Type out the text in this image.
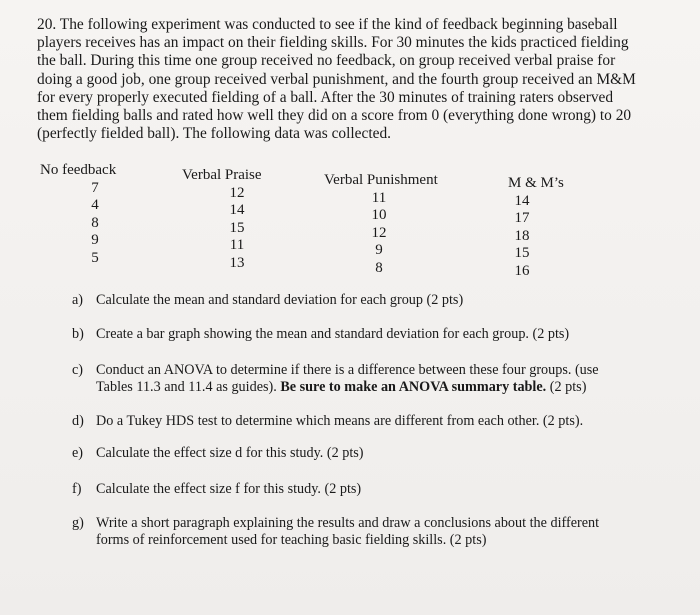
20. The following experiment was conducted to see if the kind of feedback beginning baseball
players receives has an impact on their fielding skills. For 30 minutes the kids practiced fielding
the ball. During this time one group received no feedback, on group received verbal praise for
doing a good job, one group received verbal punishment, and the fourth group received an M&M
for every properly executed fielding of a ball. After the 30 minutes of training raters observed
them fielding balls and rated how well they did on a score from 0 (everything done wrong) to 20
(perfectly fielded ball). The following data was collected.
No feedback
7
4
8
9
5
Verbal Praise
12
14
15
11
13
Verbal Punishment
11
10
12
9
8
M & M’s
14
17
18
15
16
a) Calculate the mean and standard deviation for each group (2 pts)
b) Create a bar graph showing the mean and standard deviation for each group. (2 pts)
c) Conduct an ANOVA to determine if there is a difference between these four groups. (use
Tables 11.3 and 11.4 as guides). Be sure to make an ANOVA summary table. (2 pts)
d) Do a Tukey HDS test to determine which means are different from each other. (2 pts).
e) Calculate the effect size d for this study. (2 pts)
f) Calculate the effect size f for this study. (2 pts)
g) Write a short paragraph explaining the results and draw a conclusions about the different
forms of reinforcement used for teaching basic fielding skills. (2 pts)
